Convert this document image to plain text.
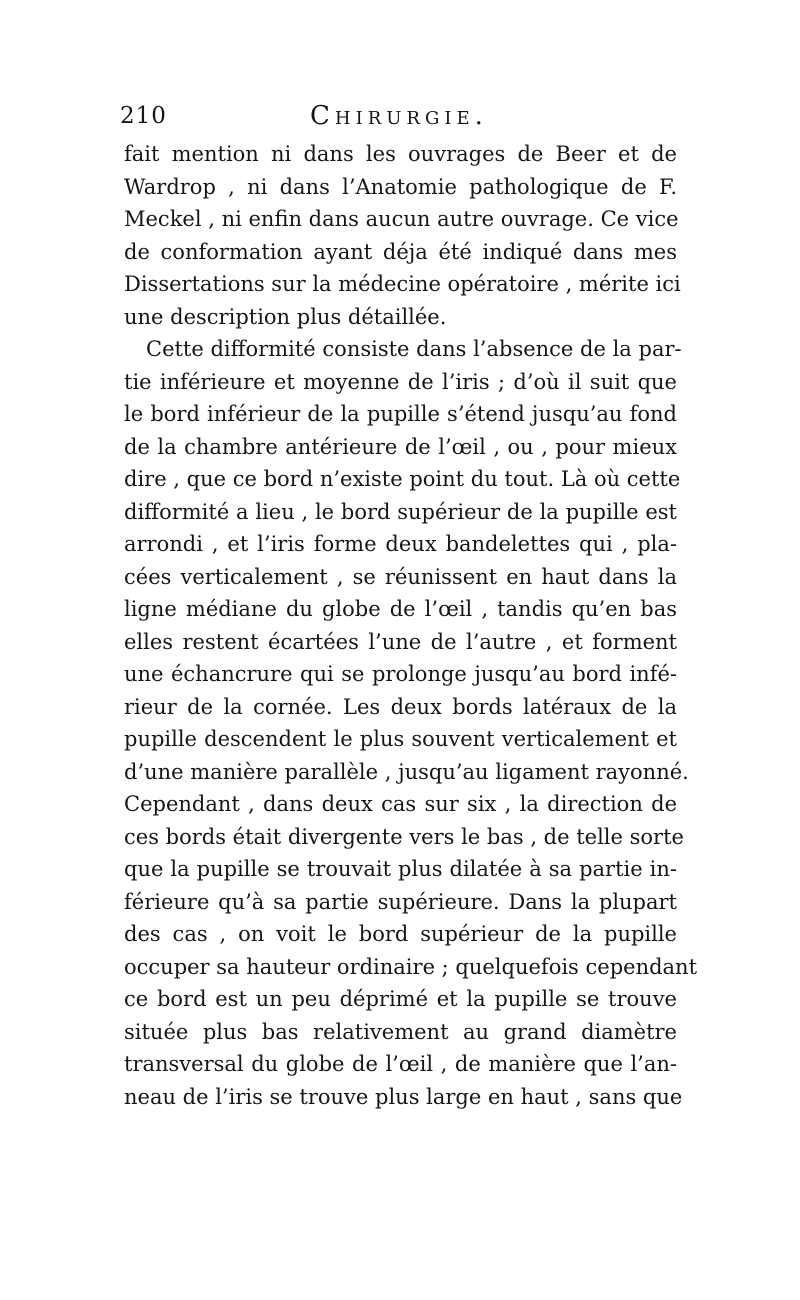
210	Chirurgie.
fait mention ni dans les ouvrages de Beer et de
Wardrop , ni dans l’Anatomie pathologique de F.
Meckel , ni enfin dans aucun autre ouvrage. Ce vice
de conformation ayant déja été indiqué dans mes
Dissertations sur la médecine opératoire , mérite ici
une description plus détaillée.
Cette difformité consiste dans l’absence de la par-
tie inférieure et moyenne de l’iris ; d’où il suit que
le bord inférieur de la pupille s’étend jusqu’au fond
de la chambre antérieure de l’œil , ou , pour mieux
dire , que ce bord n’existe point du tout. Là où cette
difformité a lieu , le bord supérieur de la pupille est
arrondi , et l’iris forme deux bandelettes qui , pla-
cées verticalement , se réunissent en haut dans la
ligne médiane du globe de l’œil , tandis qu’en bas
elles restent écartées l’une de l’autre , et forment
une échancrure qui se prolonge jusqu’au bord infé-
rieur de la cornée. Les deux bords latéraux de la
pupille descendent le plus souvent verticalement et
d’une manière parallèle , jusqu’au ligament rayonné.
Cependant , dans deux cas sur six , la direction de
ces bords était divergente vers le bas , de telle sorte
que la pupille se trouvait plus dilatée à sa partie in-
férieure qu’à sa partie supérieure. Dans la plupart
des cas , on voit le bord supérieur de la pupille
occuper sa hauteur ordinaire ; quelquefois cependant
ce bord est un peu déprimé et la pupille se trouve
située plus bas relativement au grand diamètre
transversal du globe de l’œil , de manière que l’an-
neau de l’iris se trouve plus large en haut , sans que
